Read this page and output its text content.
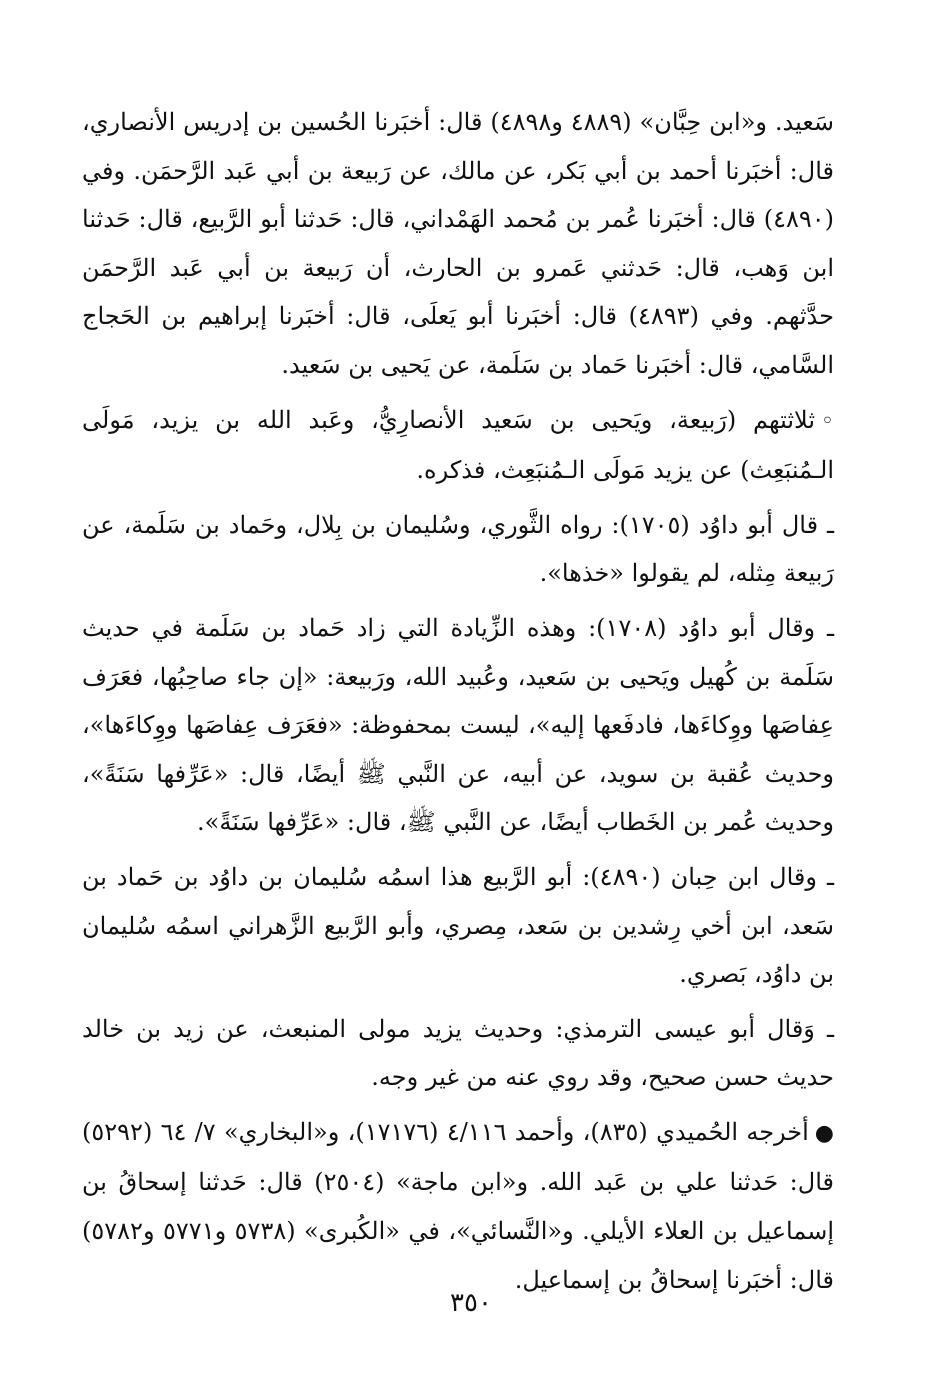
سَعيد. و«ابن حِبَّان» (٤٨٨٩ و٤٨٩٨) قال: أخبَرنا الحُسين بن إدريس الأنصاري، قال: أخبَرنا أحمد بن أبي بَكر، عن مالك، عن رَبيعة بن أبي عَبد الرَّحمَن. وفي (٤٨٩٠) قال: أخبَرنا عُمر بن مُحمد الهَمْداني، قال: حَدثنا أبو الرَّبيع، قال: حَدثنا ابن وَهب، قال: حَدثني عَمرو بن الحارث، أن رَبيعة بن أبي عَبد الرَّحمَن حدَّثهم. وفي (٤٨٩٣) قال: أخبَرنا أبو يَعلَى، قال: أخبَرنا إبراهيم بن الحَجاج السَّامي، قال: أخبَرنا حَماد بن سَلَمة، عن يَحيى بن سَعيد.

◦ثلاثتهم (رَبيعة، ويَحيى بن سَعيد الأنصارِيُّ، وعَبد الله بن يزيد، مَولَى الـمُنبَعِث) عن يزيد مَولَى الـمُنبَعِث، فذكره.

ـ قال أبو داوُد (١٧٠٥): رواه الثَّوري، وسُليمان بن بِلال، وحَماد بن سَلَمة، عن رَبيعة مِثله، لم يقولوا «خذها».

ـ وقال أبو داوُد (١٧٠٨): وهذه الزِّيادة التي زاد حَماد بن سَلَمة في حديث سَلَمة بن كُهيل ويَحيى بن سَعيد، وعُبيد الله، ورَبيعة: «إن جاء صاحِبُها، فعَرَف عِفاصَها ووِكاءَها، فادفَعها إليه»، ليست بمحفوظة: «فعَرَف عِفاصَها ووِكاءَها»، وحديث عُقبة بن سويد، عن أبيه، عن النَّبي ﷺ أيضًا، قال: «عَرِّفها سَنَةً»، وحديث عُمر بن الخَطاب أيضًا، عن النَّبي ﷺ، قال: «عَرِّفها سَنَةً».

ـ وقال ابن حِبان (٤٨٩٠): أبو الرَّبيع هذا اسمُه سُليمان بن داوُد بن حَماد بن سَعد، ابن أخي رِشدين بن سَعد، مِصري، وأبو الرَّبيع الزَّهراني اسمُه سُليمان بن داوُد، بَصري.

ـ وَقال أبو عيسى الترمذي: وحديث يزيد مولى المنبعث، عن زيد بن خالد حديث حسن صحيح، وقد روي عنه من غير وجه.

●أخرجه الحُميدي (٨٣٥)، وأحمد ٤/١١٦ (١٧١٧٦)، و«البخاري» ٧/ ٦٤ (٥٢٩٢) قال: حَدثنا علي بن عَبد الله. و«ابن ماجة» (٢٥٠٤) قال: حَدثنا إسحاقُ بن إسماعيل بن العلاء الأيلي. و«النَّسائي»، في «الكُبرى» (٥٧٣٨ و٥٧٧١ و٥٧٨٢) قال: أخبَرنا إسحاقُ بن إسماعيل.

٣٥٠
